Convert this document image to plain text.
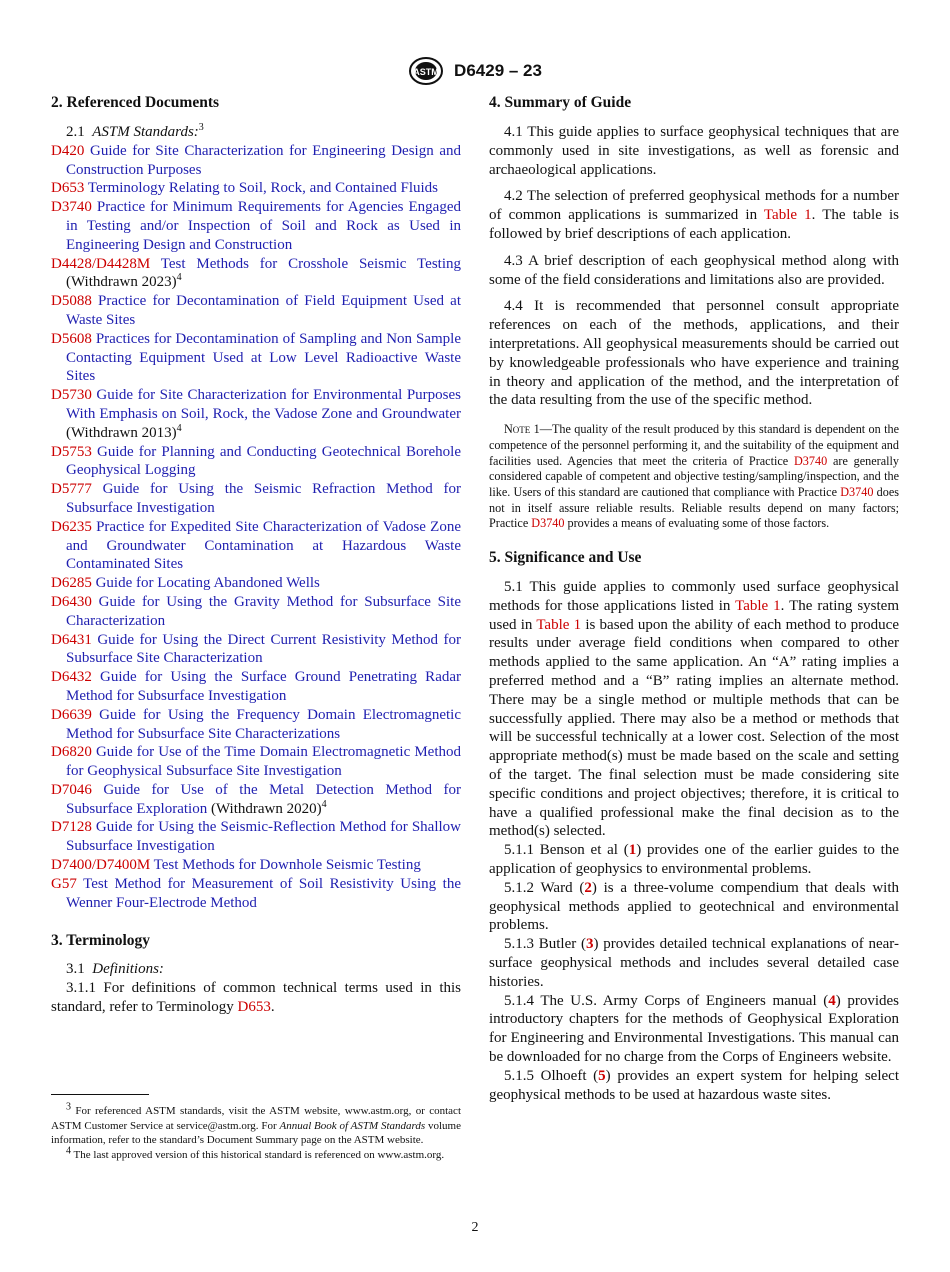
ASTM D6429 – 23
2. Referenced Documents

2.1 ASTM Standards:$^3$

D420 Guide for Site Characterization for Engineering Design and Construction Purposes

D653 Terminology Relating to Soil, Rock, and Contained Fluids

D3740 Practice for Minimum Requirements for Agencies Engaged in Testing and/or Inspection of Soil and Rock as Used in Engineering Design and Construction

D4428/D4428M Test Methods for Crosshole Seismic Testing (Withdrawn 2023)$^4$

D5088 Practice for Decontamination of Field Equipment Used at Waste Sites

D5608 Practices for Decontamination of Sampling and Non Sample Contacting Equipment Used at Low Level Radioactive Waste Sites

D5730 Guide for Site Characterization for Environmental Purposes With Emphasis on Soil, Rock, the Vadose Zone and Groundwater (Withdrawn 2013)$^4$

D5753 Guide for Planning and Conducting Geotechnical Borehole Geophysical Logging

D5777 Guide for Using the Seismic Refraction Method for Subsurface Investigation

D6235 Practice for Expedited Site Characterization of Vadose Zone and Groundwater Contamination at Hazardous Waste Contaminated Sites

D6285 Guide for Locating Abandoned Wells

D6430 Guide for Using the Gravity Method for Subsurface Site Characterization

D6431 Guide for Using the Direct Current Resistivity Method for Subsurface Site Characterization

D6432 Guide for Using the Surface Ground Penetrating Radar Method for Subsurface Investigation

D6639 Guide for Using the Frequency Domain Electromagnetic Method for Subsurface Site Characterizations

D6820 Guide for Use of the Time Domain Electromagnetic Method for Geophysical Subsurface Site Investigation

D7046 Guide for Use of the Metal Detection Method for Subsurface Exploration (Withdrawn 2020)$^4$

D7128 Guide for Using the Seismic-Reflection Method for Shallow Subsurface Investigation

D7400/D7400M Test Methods for Downhole Seismic Testing

G57 Test Method for Measurement of Soil Resistivity Using the Wenner Four-Electrode Method

3. Terminology

3.1 Definitions:

3.1.1 For definitions of common technical terms used in this standard, refer to Terminology D653.

$^3$ For referenced ASTM standards, visit the ASTM website, www.astm.org, or contact ASTM Customer Service at service@astm.org. For Annual Book of ASTM Standards volume information, refer to the standard’s Document Summary page on the ASTM website.

$^4$ The last approved version of this historical standard is referenced on www.astm.org.

4. Summary of Guide

4.1 This guide applies to surface geophysical techniques that are commonly used in site investigations, as well as forensic and archaeological applications.

4.2 The selection of preferred geophysical methods for a number of common applications is summarized in Table 1. The table is followed by brief descriptions of each application.

4.3 A brief description of each geophysical method along with some of the field considerations and limitations also are provided.

4.4 It is recommended that personnel consult appropriate references on each of the methods, applications, and their interpretations. All geophysical measurements should be carried out by knowledgeable professionals who have experience and training in theory and application of the method, and the interpretation of the data resulting from the use of the specific method.

Note 1—The quality of the result produced by this standard is dependent on the competence of the personnel performing it, and the suitability of the equipment and facilities used. Agencies that meet the criteria of Practice D3740 are generally considered capable of competent and objective testing/sampling/inspection, and the like. Users of this standard are cautioned that compliance with Practice D3740 does not in itself assure reliable results. Reliable results depend on many factors; Practice D3740 provides a means of evaluating some of those factors.

5. Significance and Use

5.1 This guide applies to commonly used surface geophysical methods for those applications listed in Table 1. The rating system used in Table 1 is based upon the ability of each method to produce results under average field conditions when compared to other methods applied to the same application. An “A” rating implies a preferred method and a “B” rating implies an alternate method. There may be a single method or multiple methods that can be successfully applied. There may also be a method or methods that will be successful technically at a lower cost. Selection of the most appropriate method(s) must be made based on the scale and setting of the target. The final selection must be made considering site specific conditions and project objectives; therefore, it is critical to have a qualified professional make the final decision as to the method(s) selected.

5.1.1 Benson et al (1) provides one of the earlier guides to the application of geophysics to environmental problems.

5.1.2 Ward (2) is a three-volume compendium that deals with geophysical methods applied to geotechnical and environmental problems.

5.1.3 Butler (3) provides detailed technical explanations of near-surface geophysical methods and includes several detailed case histories.

5.1.4 The U.S. Army Corps of Engineers manual (4) provides introductory chapters for the methods of Geophysical Exploration for Engineering and Environmental Investigations. This manual can be downloaded for no charge from the Corps of Engineers website.

5.1.5 Olhoeft (5) provides an expert system for helping select geophysical methods to be used at hazardous waste sites.

2
